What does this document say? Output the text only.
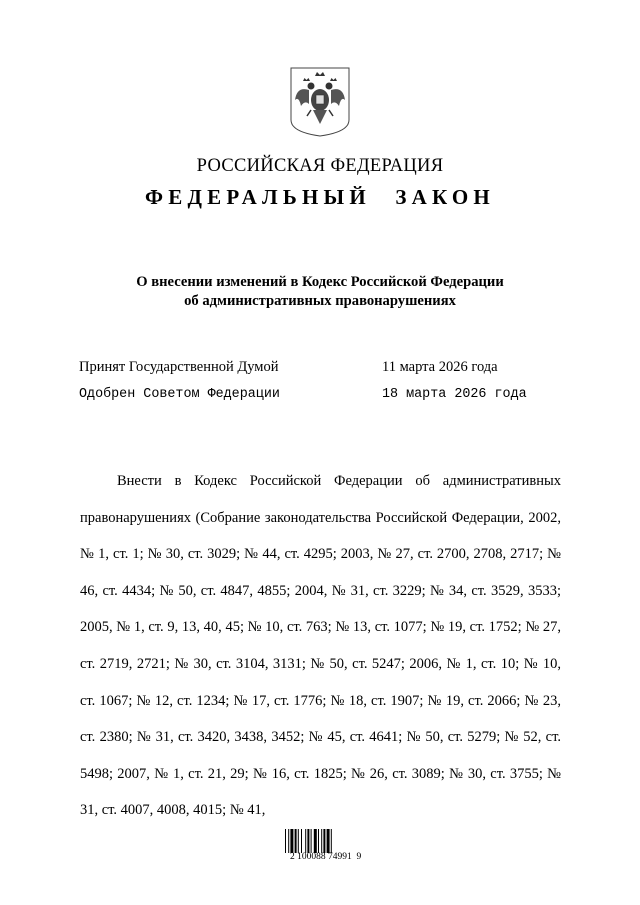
РОССИЙСКАЯ ФЕДЕРАЦИЯ
ФЕДЕРАЛЬНЫЙ ЗАКОН
О внесении изменений в Кодекс Российской Федерации
об административных правонарушениях
Принят Государственной Думой	11 марта 2026 года
Одобрен Советом Федерации	18 марта 2026 года

Внести в Кодекс Российской Федерации об административных правонарушениях (Собрание законодательства Российской Федерации, 2002, № 1, ст. 1; № 30, ст. 3029; № 44, ст. 4295; 2003, № 27, ст. 2700, 2708, 2717; № 46, ст. 4434; № 50, ст. 4847, 4855; 2004, № 31, ст. 3229; № 34, ст. 3529, 3533; 2005, № 1, ст. 9, 13, 40, 45; № 10, ст. 763; № 13, ст. 1077; № 19, ст. 1752; № 27, ст. 2719, 2721; № 30, ст. 3104, 3131; № 50, ст. 5247; 2006, № 1, ст. 10; № 10, ст. 1067; № 12, ст. 1234; № 17, ст. 1776; № 18, ст. 1907; № 19, ст. 2066; № 23, ст. 2380; № 31, ст. 3420, 3438, 3452; № 45, ст. 4641; № 50, ст. 5279; № 52, ст. 5498; 2007, № 1, ст. 21, 29; № 16, ст. 1825; № 26, ст. 3089; № 30, ст. 3755; № 31, ст. 4007, 4008, 4015; № 41,

2 100088 74991  9
